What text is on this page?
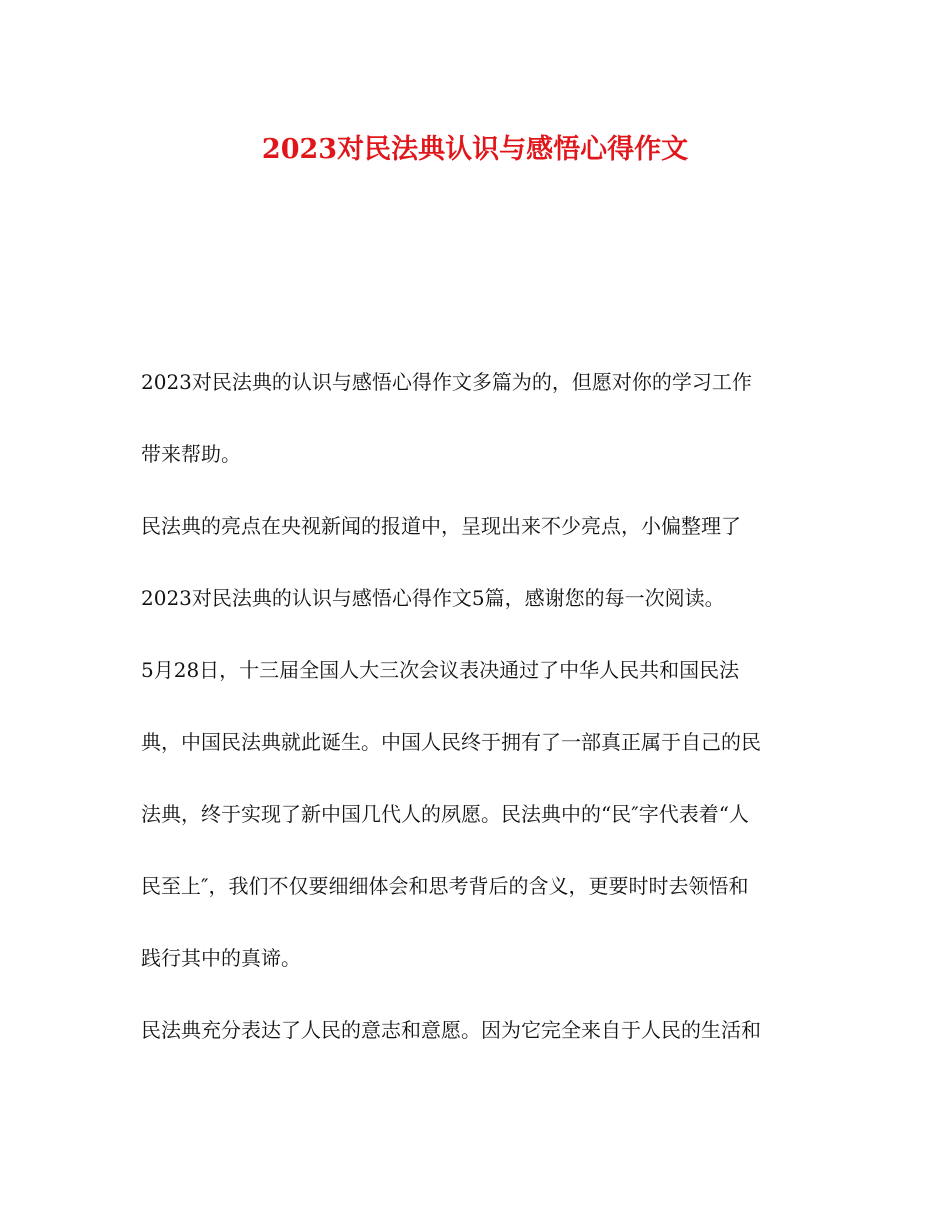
2023对民法典认识与感悟心得作文
2023对民法典的认识与感悟心得作文多篇为的，但愿对你的学习工作
带来帮助。
民法典的亮点在央视新闻的报道中，呈现出来不少亮点，小偏整理了
2023对民法典的认识与感悟心得作文5篇，感谢您的每一次阅读。
5月28日，十三届全国人大三次会议表决通过了中华人民共和国民法
典，中国民法典就此诞生。中国人民终于拥有了一部真正属于自己的民
法典，终于实现了新中国几代人的夙愿。民法典中的“民″字代表着“人
民至上″，我们不仅要细细体会和思考背后的含义，更要时时去领悟和
践行其中的真谛。
民法典充分表达了人民的意志和意愿。因为它完全来自于人民的生活和
